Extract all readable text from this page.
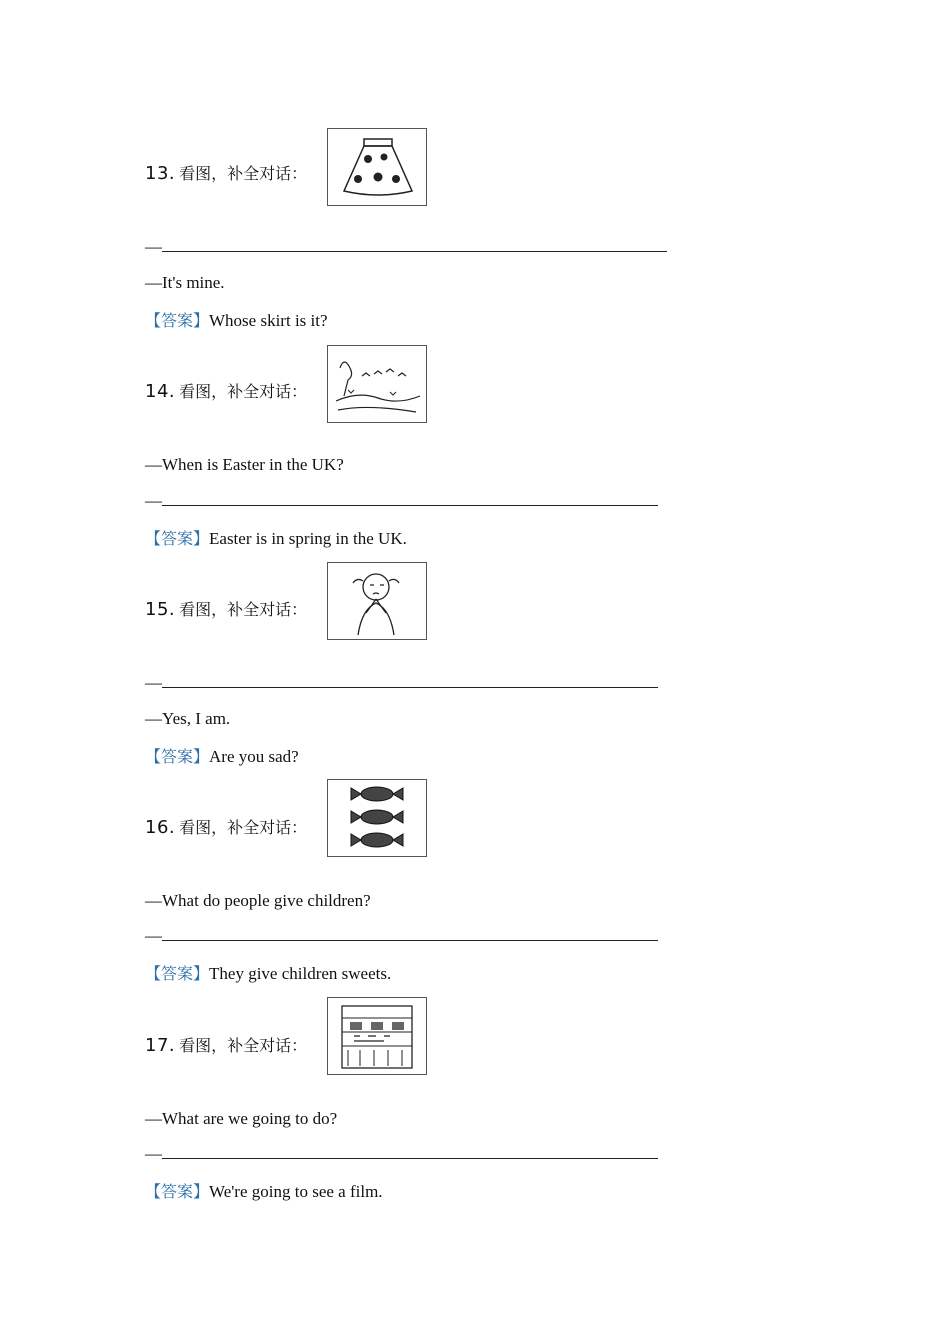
13. 看图，补全对话：
—
—It's mine.
【答案】Whose skirt is it?
14. 看图，补全对话：
—When is Easter in the UK?
—
【答案】Easter is in spring in the UK.
15. 看图，补全对话：
—
—Yes, I am.
【答案】Are you sad?
16. 看图，补全对话：
—What do people give children?
—
【答案】They give children sweets.
17. 看图，补全对话：
—What are we going to do?
—
【答案】We're going to see a film.
